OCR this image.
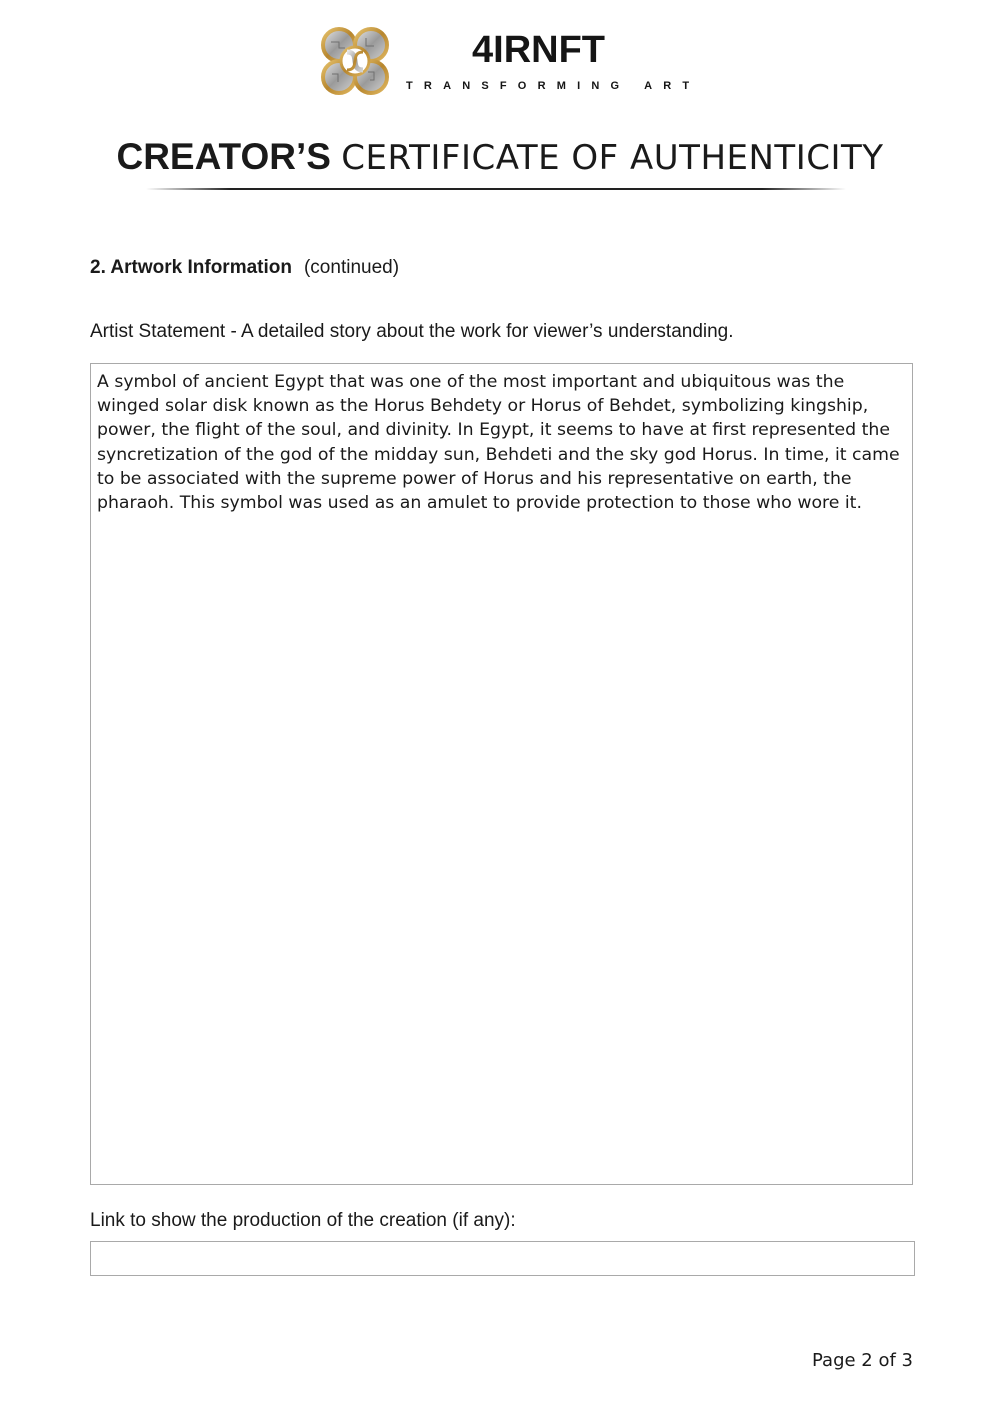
4IRNFT
TRANSFORMING ART
CREATOR’S CERTIFICATE OF AUTHENTICITY
2. Artwork Information (continued)
Artist Statement - A detailed story about the work for viewer’s understanding.

A symbol of ancient Egypt that was one of the most important and ubiquitous was the winged solar disk known as the Horus Behdety or Horus of Behdet, symbolizing kingship, power, the flight of the soul, and divinity. In Egypt, it seems to have at first represented the syncretization of the god of the midday sun, Behdeti and the sky god Horus. In time, it came to be associated with the supreme power of Horus and his representative on earth, the pharaoh. This symbol was used as an amulet to provide protection to those who wore it.

Link to show the production of the creation (if any):
Page 2 of 3
